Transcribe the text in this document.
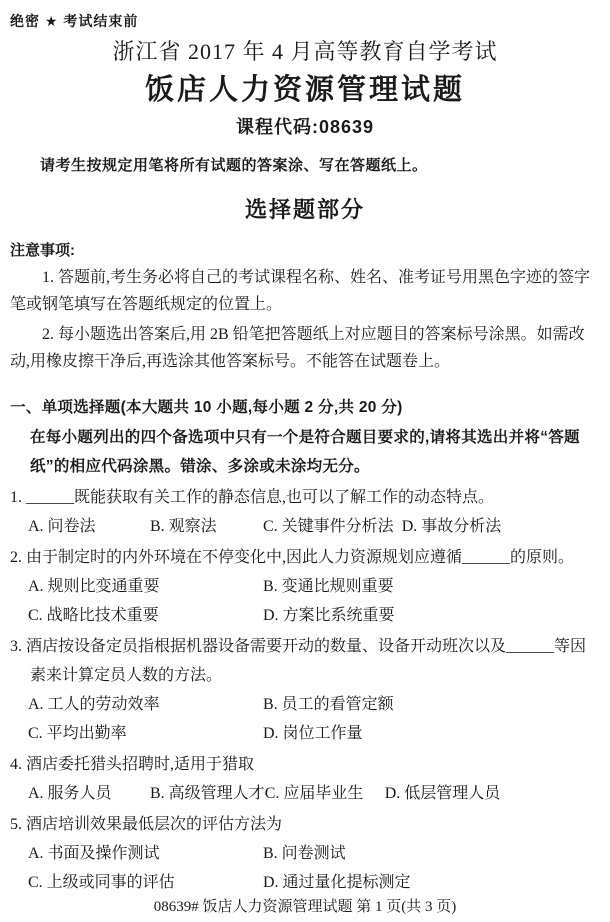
绝密 ★ 考试结束前
浙江省 2017 年 4 月高等教育自学考试
饭店人力资源管理试题
课程代码:08639

请考生按规定用笔将所有试题的答案涂、写在答题纸上。

选择题部分
注意事项:

1. 答题前,考生务必将自己的考试课程名称、姓名、准考证号用黑色字迹的签字笔或钢笔填写在答题纸规定的位置上。

2. 每小题选出答案后,用 2B 铅笔把答题纸上对应题目的答案标号涂黑。如需改动,用橡皮擦干净后,再选涂其他答案标号。不能答在试题卷上。

一、单项选择题(本大题共 10 小题,每小题 2 分,共 20 分)

在每小题列出的四个备选项中只有一个是符合题目要求的,请将其选出并将“答题纸”的相应代码涂黑。错涂、多涂或未涂均无分。

1. ______既能获取有关工作的静态信息,也可以了解工作的动态特点。
A. 问卷法	B. 观察法	C. 关键事件分析法 D. 事故分析法
2. 由于制定时的内外环境在不停变化中,因此人力资源规划应遵循______的原则。
A. 规则比变通重要	B. 变通比规则重要
C. 战略比技术重要	D. 方案比系统重要
3. 酒店按设备定员指根据机器设备需要开动的数量、设备开动班次以及______等因素来计算定员人数的方法。
A. 工人的劳动效率	B. 员工的看管定额
C. 平均出勤率	D. 岗位工作量
4. 酒店委托猎头招聘时,适用于猎取
A. 服务人员	B. 高级管理人才 C. 应届毕业生	D. 低层管理人员
5. 酒店培训效果最低层次的评估方法为
A. 书面及操作测试	B. 问卷测试
C. 上级或同事的评估	D. 通过量化提标测定
08639# 饭店人力资源管理试题 第 1 页(共 3 页)
